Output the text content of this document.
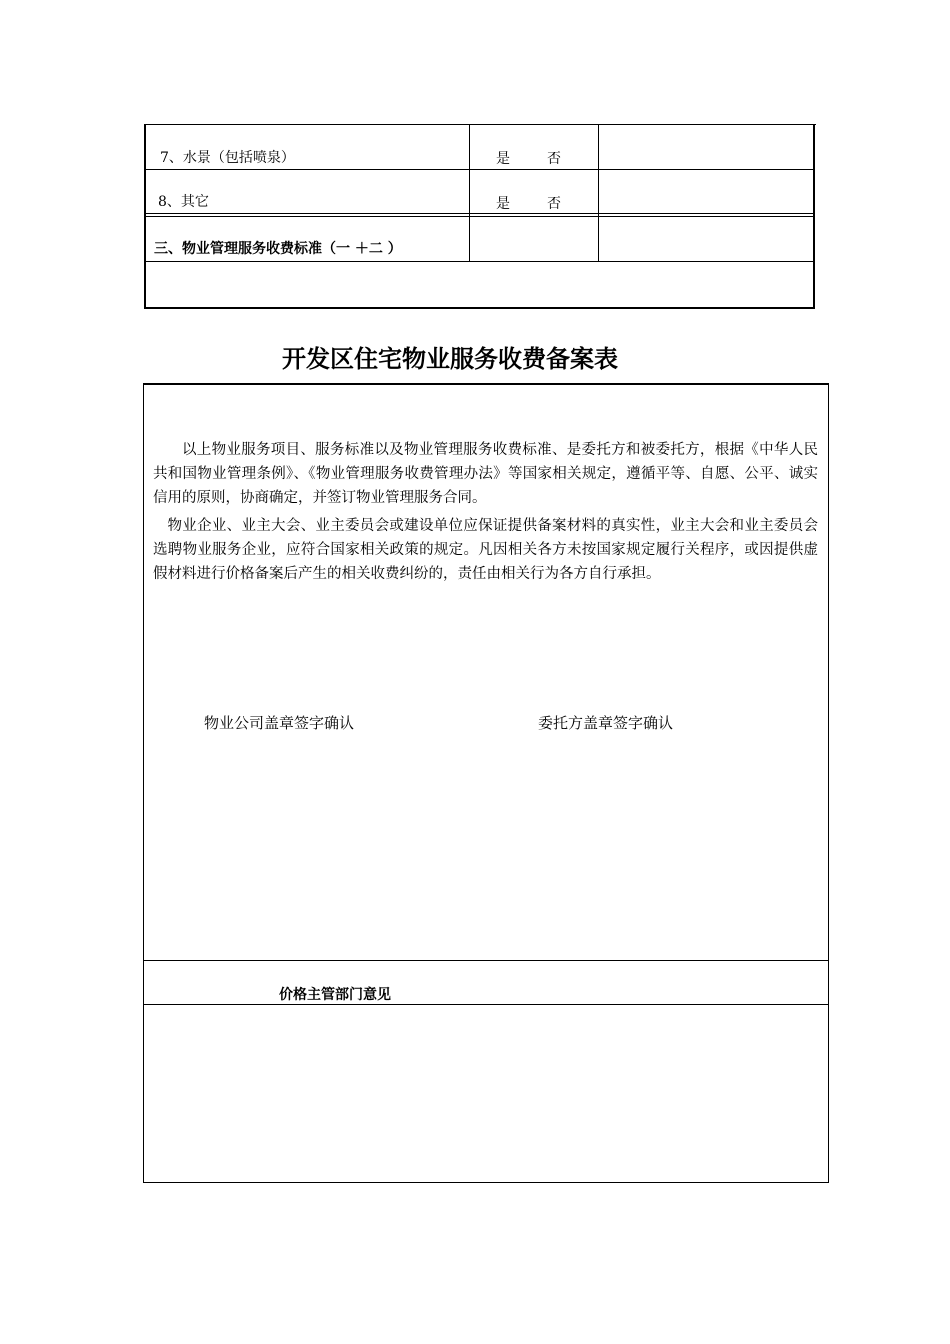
7、水景（包括喷泉）	是	否
8、其它	是	否
三、物业管理服务收费标准（一 ＋二 ）
开发区住宅物业服务收费备案表
以上物业服务项目、服务标准以及物业管理服务收费标准、是委托方和被委托方，根据《中华人民共和国物业管理条例》、《物业管理服务收费管理办法》等国家相关规定，遵循平等、自愿、公平、诚实信用的原则，协商确定，并签订物业管理服务合同。
物业企业、业主大会、业主委员会或建设单位应保证提供备案材料的真实性，业主大会和业主委员会选聘物业服务企业，应符合国家相关政策的规定。凡因相关各方未按国家规定履行关程序，或因提供虚假材料进行价格备案后产生的相关收费纠纷的，责任由相关行为各方自行承担。
物业公司盖章签字确认	委托方盖章签字确认
价格主管部门意见
